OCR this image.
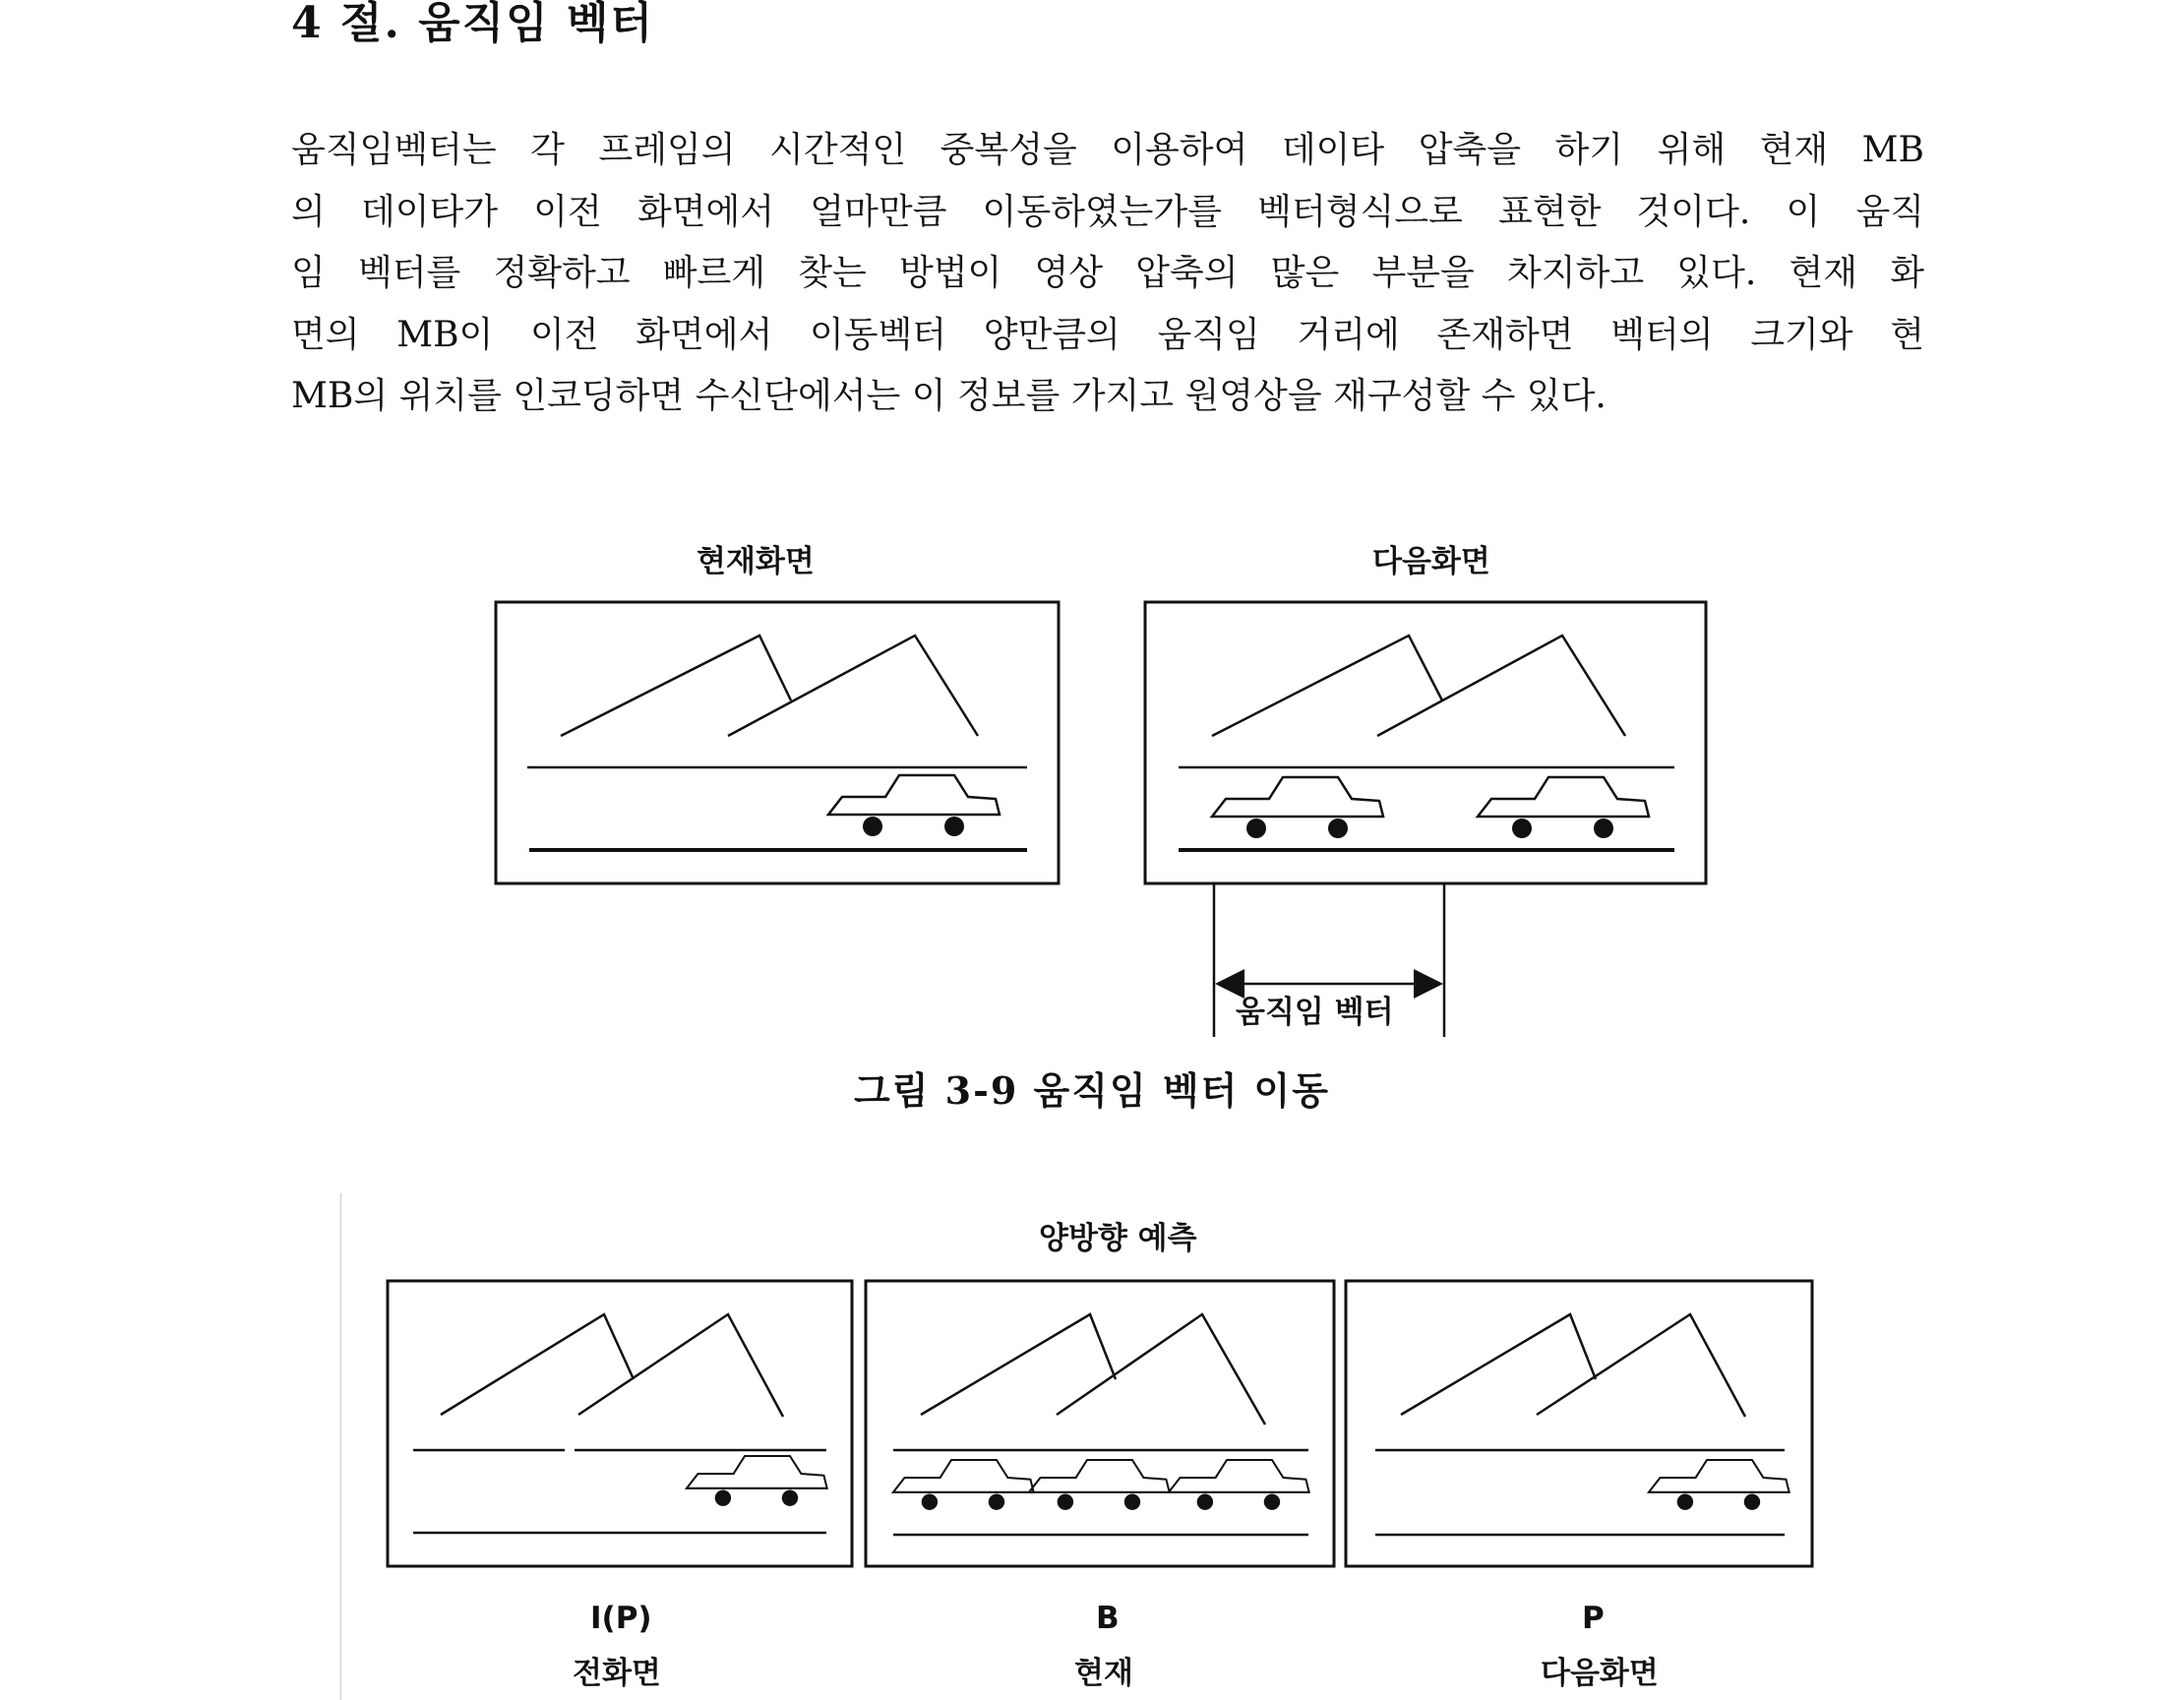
4 절. 움직임 벡터
움직임벡터는 각 프레임의 시간적인 중복성을 이용하여 데이타 압축을 하기 위해 현재 MB
의 데이타가 이전 화면에서 얼마만큼 이동하였는가를 벡터형식으로 표현한 것이다. 이 움직
임 벡터를 정확하고 빠르게 찾는 방법이 영상 압축의 많은 부분을 차지하고 있다. 현재 화
면의 MB이 이전 화면에서 이동벡터 양만큼의 움직임 거리에 존재하면 벡터의 크기와 현
MB의 위치를 인코딩하면 수신단에서는 이 정보를 가지고 원영상을 재구성할 수 있다.
현재화면	다음화면
움직임 벡터
그림 3-9 움직임 벡터 이동
양방향 예측
I(P)	B	P
전화면	현재	다음화면
